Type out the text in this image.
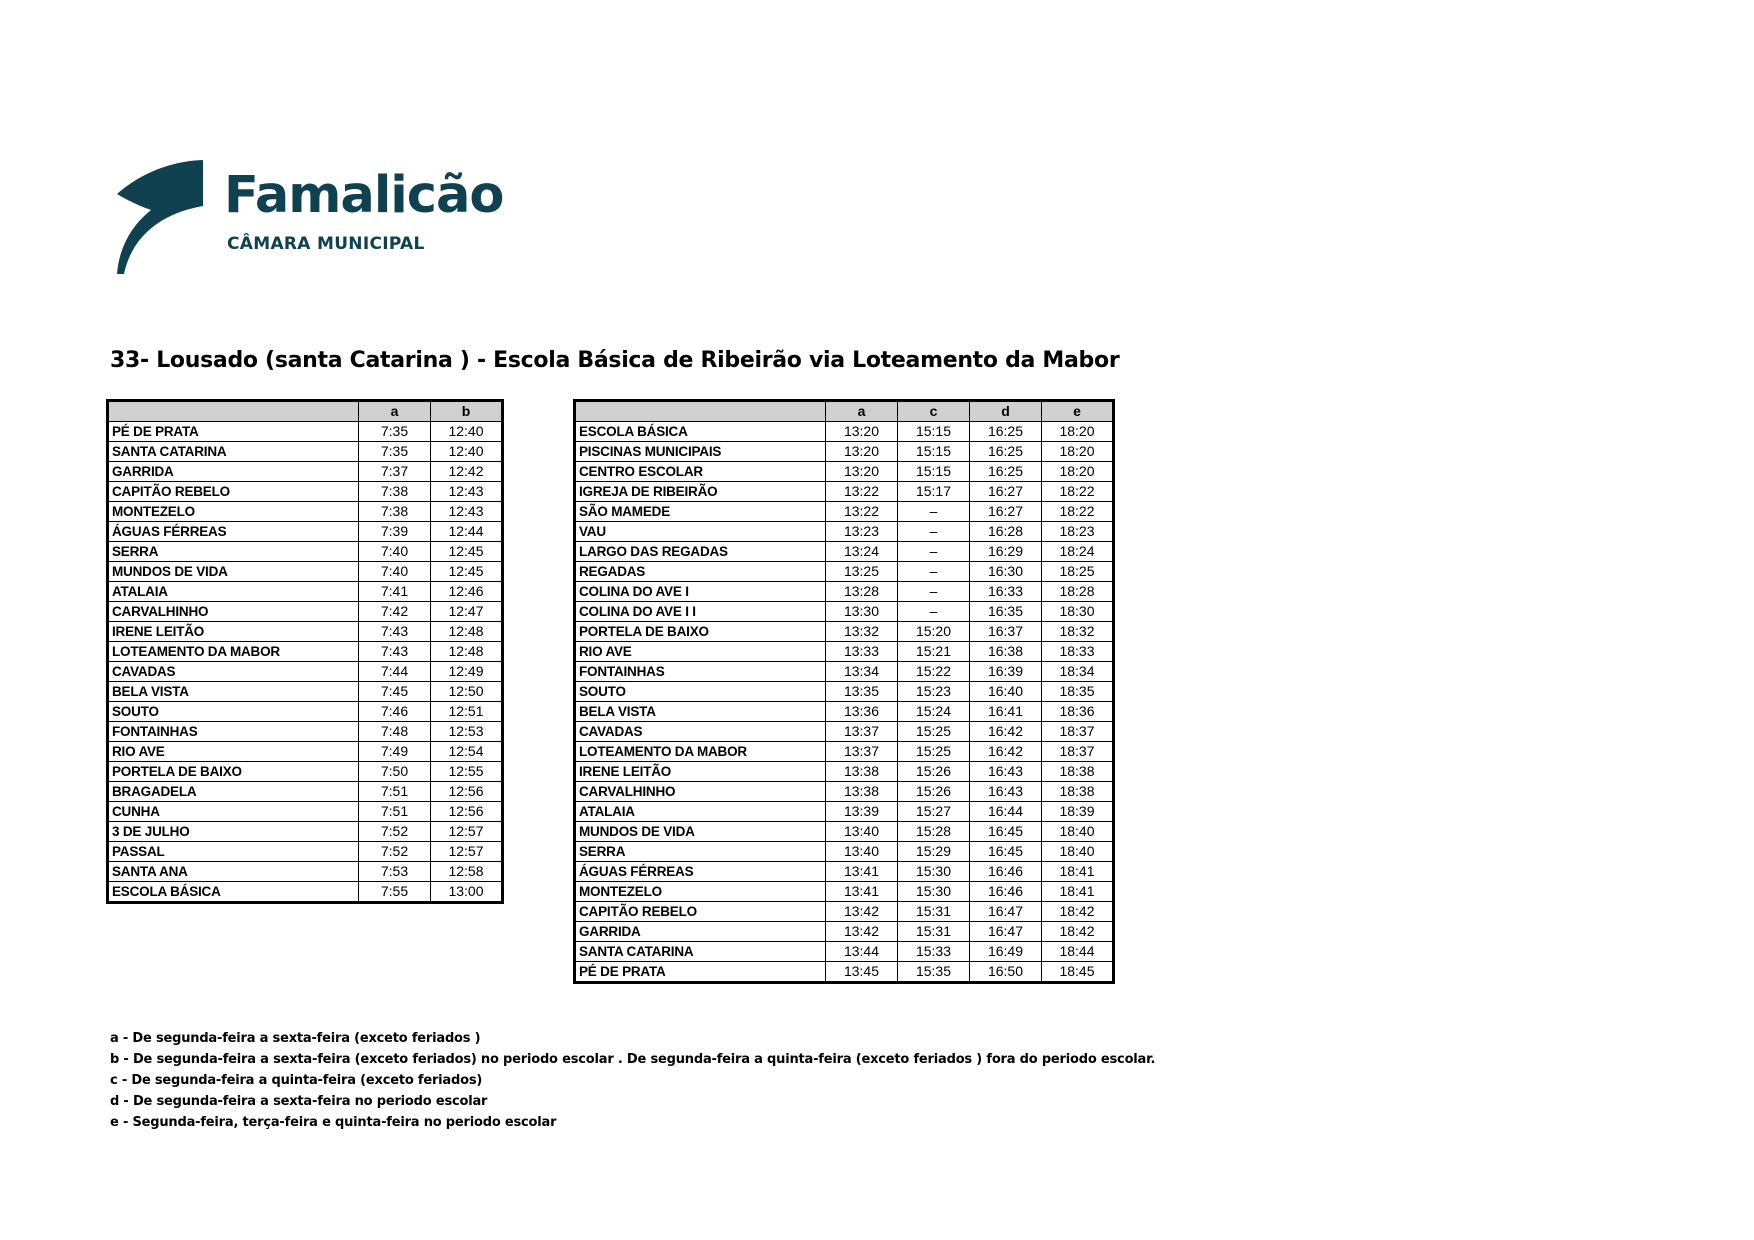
Famalicão
CÂMARA MUNICIPAL
33- Lousado (santa Catarina ) - Escola Básica de Ribeirão via Loteamento da Mabor
	a	b
PÉ DE PRATA	7:35	12:40
SANTA CATARINA	7:35	12:40
GARRIDA	7:37	12:42
CAPITÃO REBELO	7:38	12:43
MONTEZELO	7:38	12:43
ÁGUAS FÉRREAS	7:39	12:44
SERRA	7:40	12:45
MUNDOS DE VIDA	7:40	12:45
ATALAIA	7:41	12:46
CARVALHINHO	7:42	12:47
IRENE LEITÃO	7:43	12:48
LOTEAMENTO DA MABOR	7:43	12:48
CAVADAS	7:44	12:49
BELA VISTA	7:45	12:50
SOUTO	7:46	12:51
FONTAINHAS	7:48	12:53
RIO AVE	7:49	12:54
PORTELA DE BAIXO	7:50	12:55
BRAGADELA	7:51	12:56
CUNHA	7:51	12:56
3 DE JULHO	7:52	12:57
PASSAL	7:52	12:57
SANTA ANA	7:53	12:58
ESCOLA BÁSICA	7:55	13:00
	a	c	d	e
ESCOLA BÁSICA	13:20	15:15	16:25	18:20
PISCINAS MUNICIPAIS	13:20	15:15	16:25	18:20
CENTRO ESCOLAR	13:20	15:15	16:25	18:20
IGREJA DE RIBEIRÃO	13:22	15:17	16:27	18:22
SÃO MAMEDE	13:22	–	16:27	18:22
VAU	13:23	–	16:28	18:23
LARGO DAS REGADAS	13:24	–	16:29	18:24
REGADAS	13:25	–	16:30	18:25
COLINA DO AVE I	13:28	–	16:33	18:28
COLINA DO AVE I I	13:30	–	16:35	18:30
PORTELA DE BAIXO	13:32	15:20	16:37	18:32
RIO AVE	13:33	15:21	16:38	18:33
FONTAINHAS	13:34	15:22	16:39	18:34
SOUTO	13:35	15:23	16:40	18:35
BELA VISTA	13:36	15:24	16:41	18:36
CAVADAS	13:37	15:25	16:42	18:37
LOTEAMENTO DA MABOR	13:37	15:25	16:42	18:37
IRENE LEITÃO	13:38	15:26	16:43	18:38
CARVALHINHO	13:38	15:26	16:43	18:38
ATALAIA	13:39	15:27	16:44	18:39
MUNDOS DE VIDA	13:40	15:28	16:45	18:40
SERRA	13:40	15:29	16:45	18:40
ÁGUAS FÉRREAS	13:41	15:30	16:46	18:41
MONTEZELO	13:41	15:30	16:46	18:41
CAPITÃO REBELO	13:42	15:31	16:47	18:42
GARRIDA	13:42	15:31	16:47	18:42
SANTA CATARINA	13:44	15:33	16:49	18:44
PÉ DE PRATA	13:45	15:35	16:50	18:45
a - De segunda-feira a sexta-feira (exceto feriados )
b - De segunda-feira a sexta-feira (exceto feriados) no periodo escolar . De segunda-feira a quinta-feira (exceto feriados ) fora do periodo escolar.
c - De segunda-feira a quinta-feira (exceto feriados)
d - De segunda-feira a sexta-feira no periodo escolar
e - Segunda-feira, terça-feira e quinta-feira no periodo escolar
